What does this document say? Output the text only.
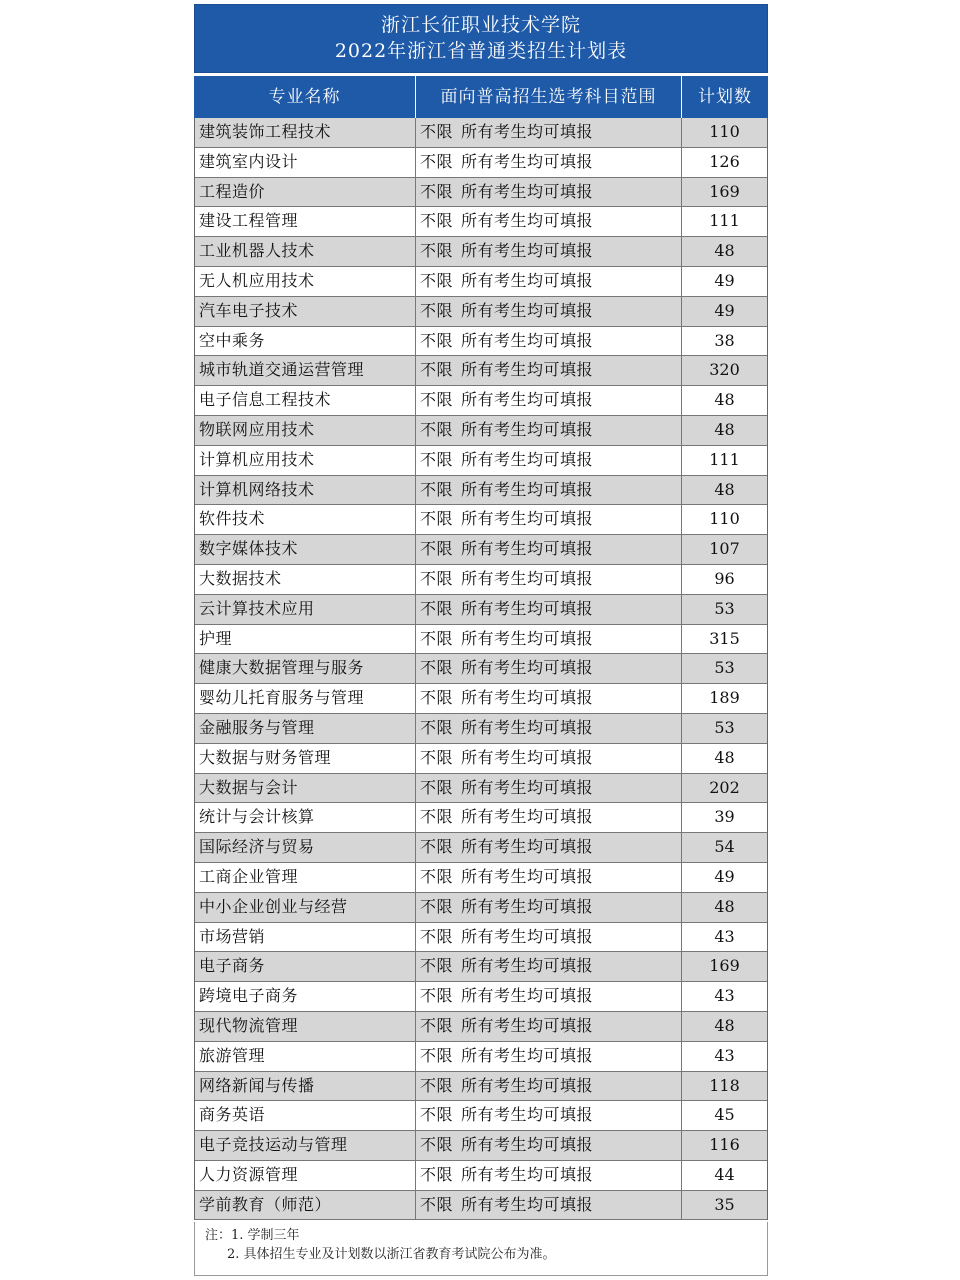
浙江长征职业技术学院
2022年浙江省普通类招生计划表
专业名称	面向普高招生选考科目范围	计划数
建筑装饰工程技术	不限 所有考生均可填报	110
建筑室内设计	不限 所有考生均可填报	126
工程造价	不限 所有考生均可填报	169
建设工程管理	不限 所有考生均可填报	111
工业机器人技术	不限 所有考生均可填报	48
无人机应用技术	不限 所有考生均可填报	49
汽车电子技术	不限 所有考生均可填报	49
空中乘务	不限 所有考生均可填报	38
城市轨道交通运营管理	不限 所有考生均可填报	320
电子信息工程技术	不限 所有考生均可填报	48
物联网应用技术	不限 所有考生均可填报	48
计算机应用技术	不限 所有考生均可填报	111
计算机网络技术	不限 所有考生均可填报	48
软件技术	不限 所有考生均可填报	110
数字媒体技术	不限 所有考生均可填报	107
大数据技术	不限 所有考生均可填报	96
云计算技术应用	不限 所有考生均可填报	53
护理	不限 所有考生均可填报	315
健康大数据管理与服务	不限 所有考生均可填报	53
婴幼儿托育服务与管理	不限 所有考生均可填报	189
金融服务与管理	不限 所有考生均可填报	53
大数据与财务管理	不限 所有考生均可填报	48
大数据与会计	不限 所有考生均可填报	202
统计与会计核算	不限 所有考生均可填报	39
国际经济与贸易	不限 所有考生均可填报	54
工商企业管理	不限 所有考生均可填报	49
中小企业创业与经营	不限 所有考生均可填报	48
市场营销	不限 所有考生均可填报	43
电子商务	不限 所有考生均可填报	169
跨境电子商务	不限 所有考生均可填报	43
现代物流管理	不限 所有考生均可填报	48
旅游管理	不限 所有考生均可填报	43
网络新闻与传播	不限 所有考生均可填报	118
商务英语	不限 所有考生均可填报	45
电子竞技运动与管理	不限 所有考生均可填报	116
人力资源管理	不限 所有考生均可填报	44
学前教育（师范）	不限 所有考生均可填报	35
注：1. 学制三年
2. 具体招生专业及计划数以浙江省教育考试院公布为准。
